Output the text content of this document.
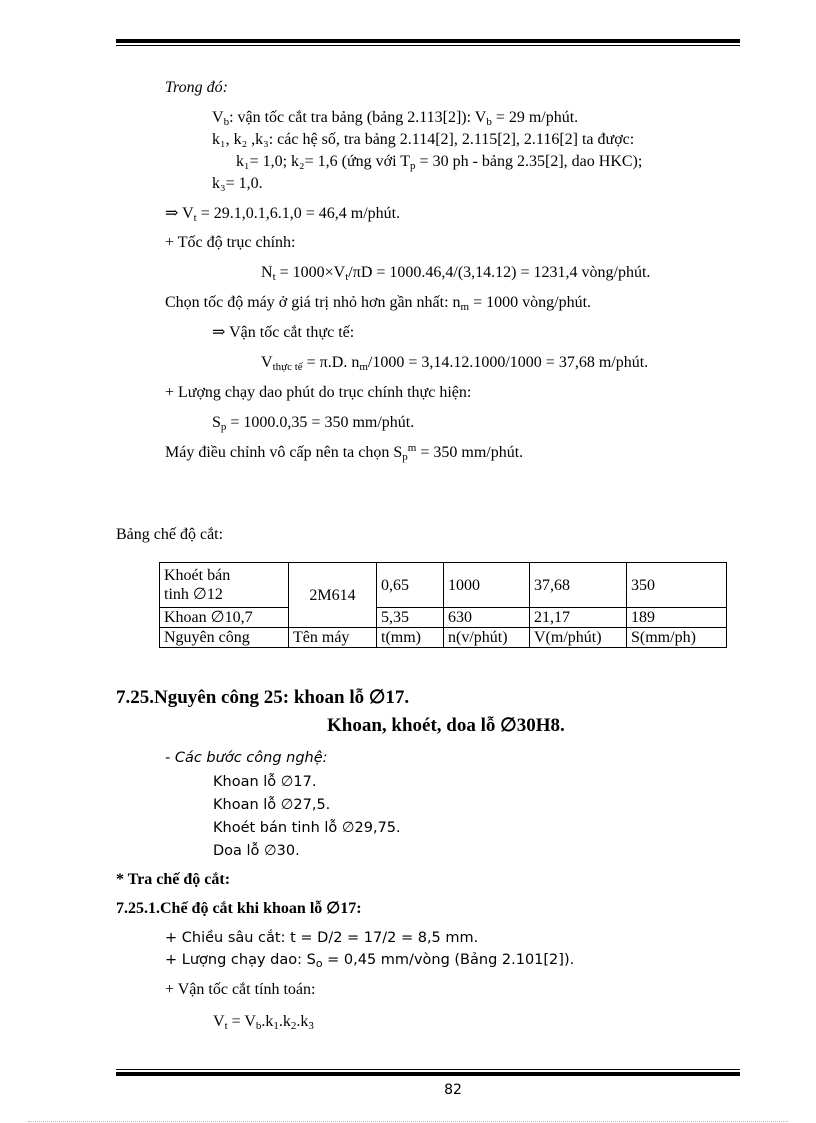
Trong đó:
$V_b$: vận tốc cắt tra bảng (bảng 2.113[2]): $V_b = 29$ m/phút.
k₁, k₂ ,k₃: các hệ số, tra bảng 2.114[2], 2.115[2], 2.116[2] ta được:
k₁= 1,0; k₂= 1,6 (ứng với $T_p = 30$ ph - bảng 2.35[2], dao HKC);
k₃= 1,0.
⇒ $V_t = 29.1,0.1,6.1,0 = 46,4$ m/phút.
+ Tốc độ trục chính:
$N_t = 1000\times V_t/\pi D = 1000.46,4/(3,14.12) = 1231,4$ vòng/phút.
Chọn tốc độ máy ở giá trị nhỏ hơn gần nhất: $n_m = 1000$ vòng/phút.
⇒ Vận tốc cắt thực tế:
$V_{thực tế} = \pi.D$. $n_m/1000 = 3,14.12.1000/1000 = 37,68$ m/phút.
+ Lượng chạy dao phút do trục chính thực hiện:
$S_p = 1000.0,35 = 350$ mm/phút.
Máy điều chỉnh vô cấp nên ta chọn $S_p^m = 350$ mm/phút.
Bảng chế độ cắt:
Khoét bán
tinh ∅12	2M614	0,65	1000	37,68	350
Khoan ∅10,7		5,35	630	21,17	189
Nguyên công	Tên máy	t(mm)	n(v/phút)	V(m/phút)	S(mm/ph)
7.25.Nguyên công 25: khoan lỗ ∅17.
Khoan, khoét, doa lỗ ∅30H8.
- Các bước công nghệ:
Khoan lỗ ∅17.
Khoan lỗ ∅27,5.
Khoét bán tinh lỗ ∅29,75.
Doa lỗ ∅30.
* Tra chế độ cắt:
7.25.1.Chế độ cắt khi khoan lỗ ∅17:
+ Chiều sâu cắt: t = D/2 = 17/2 = 8,5 mm.
+ Lượng chạy dao: $S_o = 0,45$ mm/vòng (Bảng 2.101[2]).
+ Vận tốc cắt tính toán:
$V_t = V_b.k_1.k_2.k_3$
82
